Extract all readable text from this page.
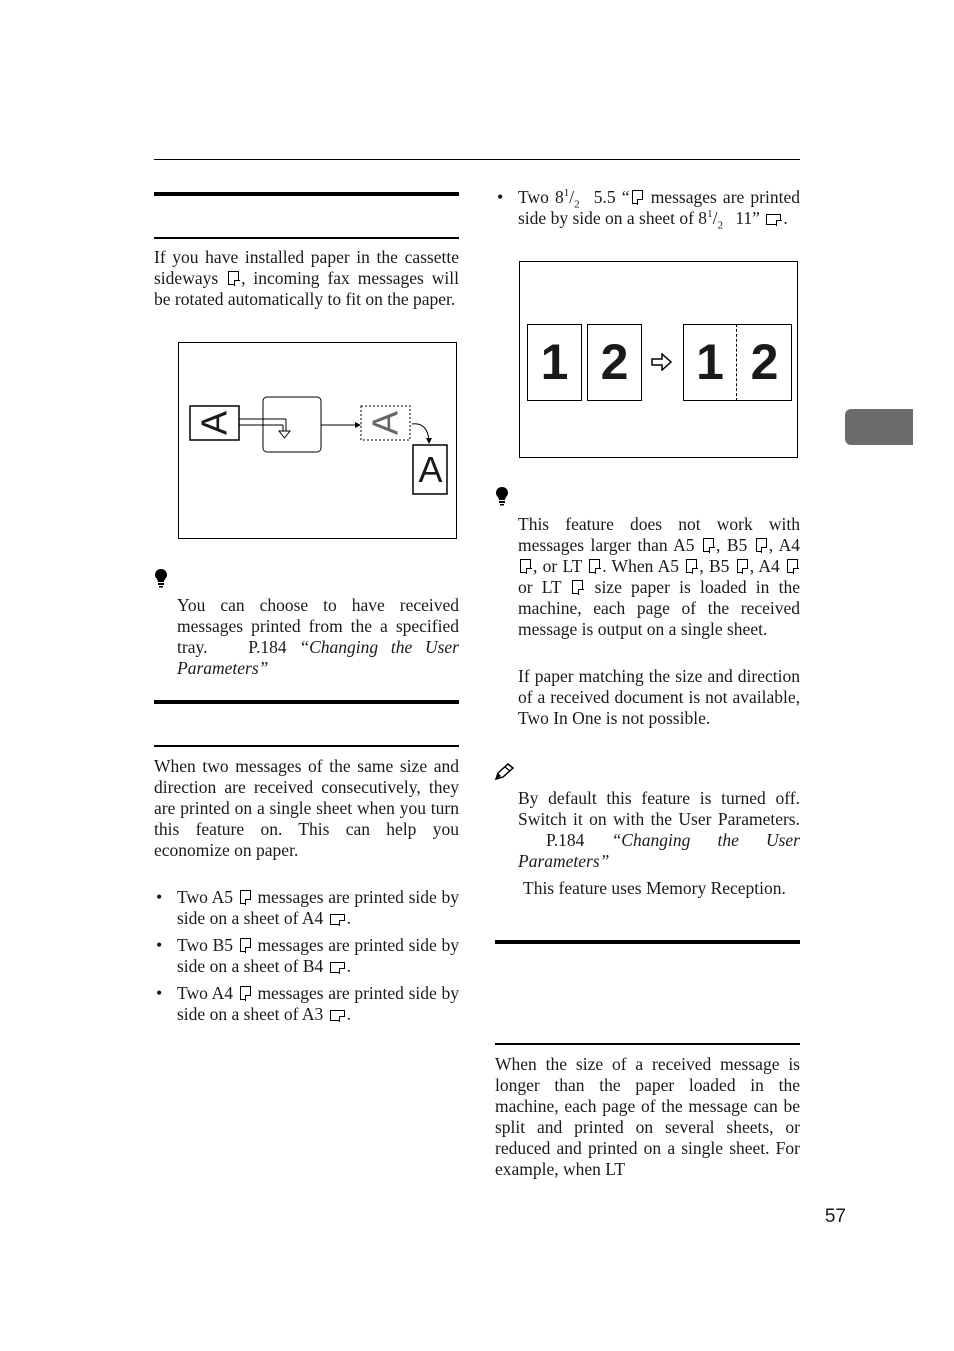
If you have installed paper in the cassette sideways , incoming fax messages will be rotated automatically to fit on the paper.

A	A
A

You can choose to have received messages printed from the a specified tray. P.184 “Changing the User Parameters”

When two messages of the same size and direction are received consecutively, they are printed on a single sheet when you turn this feature on. This can help you economize on paper.

•

Two A5 messages are printed side by side on a sheet of A4 .

•

Two B5 messages are printed side by side on a sheet of B4 .

•

Two A4 messages are printed side by side on a sheet of A3 .

•

Two $8^1/_2$ 5.5 “ messages are printed side by side on a sheet of $8^1/_2$ 11” .

1 2 1 2

This feature does not work with messages larger than A5 , B5 , A4 , or LT . When A5 , B5 , A4  or LT  size paper is loaded in the machine, each page of the received message is output on a single sheet.

If paper matching the size and direction of a received document is not available, Two In One is not possible.

By default this feature is turned off. Switch it on with the User Parameters. P.184 “Changing the User Parameters”

This feature uses Memory Reception.

When the size of a received message is longer than the paper loaded in the machine, each page of the message can be split and printed on several sheets, or reduced and printed on a single sheet. For example, when LT

57
